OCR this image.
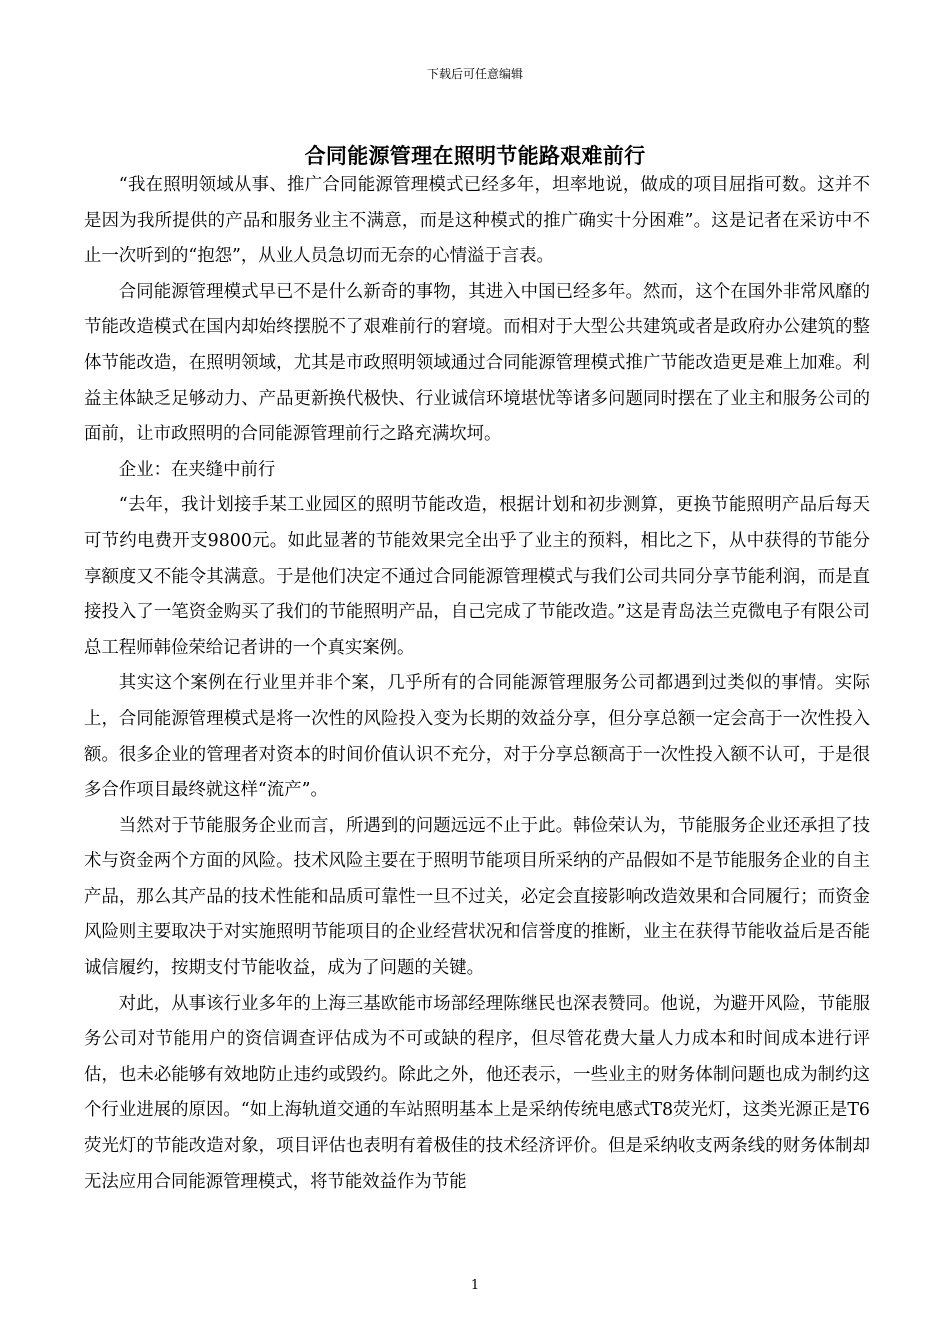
下载后可任意编辑
合同能源管理在照明节能路艰难前行

“我在照明领域从事、推广合同能源管理模式已经多年，坦率地说，做成的项目屈指可数。这并不是因为我所提供的产品和服务业主不满意，而是这种模式的推广确实十分困难”。这是记者在采访中不止一次听到的“抱怨”，从业人员急切而无奈的心情溢于言表。

合同能源管理模式早已不是什么新奇的事物，其进入中国已经多年。然而，这个在国外非常风靡的节能改造模式在国内却始终摆脱不了艰难前行的窘境。而相对于大型公共建筑或者是政府办公建筑的整体节能改造，在照明领域，尤其是市政照明领域通过合同能源管理模式推广节能改造更是难上加难。利益主体缺乏足够动力、产品更新换代极快、行业诚信环境堪忧等诸多问题同时摆在了业主和服务公司的面前，让市政照明的合同能源管理前行之路充满坎坷。

企业：在夹缝中前行

“去年，我计划接手某工业园区的照明节能改造，根据计划和初步测算，更换节能照明产品后每天可节约电费开支9800元。如此显著的节能效果完全出乎了业主的预料，相比之下，从中获得的节能分享额度又不能令其满意。于是他们决定不通过合同能源管理模式与我们公司共同分享节能利润，而是直接投入了一笔资金购买了我们的节能照明产品，自己完成了节能改造。”这是青岛法兰克微电子有限公司总工程师韩俭荣给记者讲的一个真实案例。

其实这个案例在行业里并非个案，几乎所有的合同能源管理服务公司都遇到过类似的事情。实际上，合同能源管理模式是将一次性的风险投入变为长期的效益分享，但分享总额一定会高于一次性投入额。很多企业的管理者对资本的时间价值认识不充分，对于分享总额高于一次性投入额不认可，于是很多合作项目最终就这样“流产”。

当然对于节能服务企业而言，所遇到的问题远远不止于此。韩俭荣认为，节能服务企业还承担了技术与资金两个方面的风险。技术风险主要在于照明节能项目所采纳的产品假如不是节能服务企业的自主产品，那么其产品的技术性能和品质可靠性一旦不过关，必定会直接影响改造效果和合同履行；而资金风险则主要取决于对实施照明节能项目的企业经营状况和信誉度的推断，业主在获得节能收益后是否能诚信履约，按期支付节能收益，成为了问题的关键。

对此，从事该行业多年的上海三基欧能市场部经理陈继民也深表赞同。他说，为避开风险，节能服务公司对节能用户的资信调查评估成为不可或缺的程序，但尽管花费大量人力成本和时间成本进行评估，也未必能够有效地防止违约或毁约。除此之外，他还表示，一些业主的财务体制问题也成为制约这个行业进展的原因。“如上海轨道交通的车站照明基本上是采纳传统电感式T8荧光灯，这类光源正是T6荧光灯的节能改造对象，项目评估也表明有着极佳的技术经济评价。但是采纳收支两条线的财务体制却无法应用合同能源管理模式，将节能效益作为节能

1
